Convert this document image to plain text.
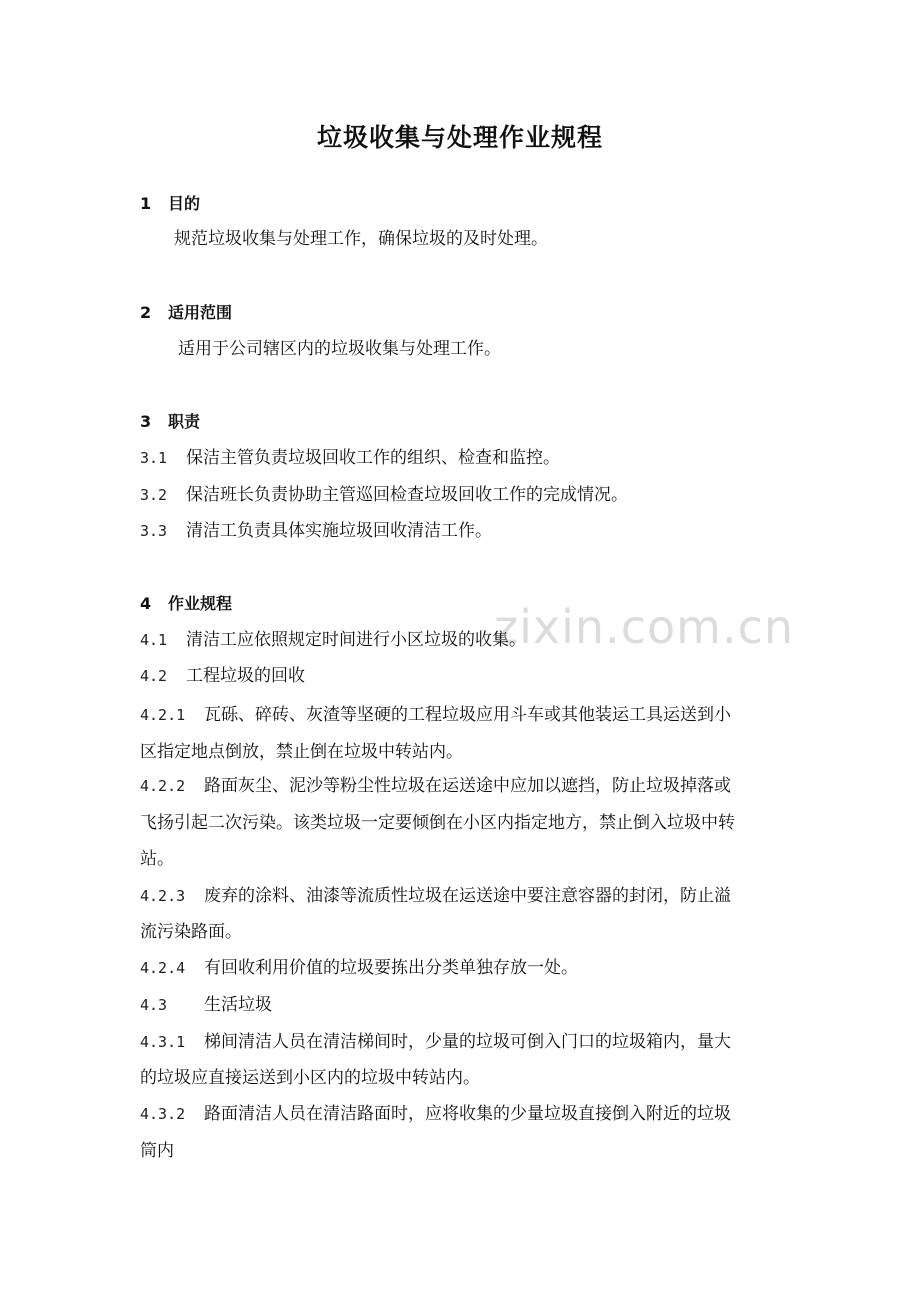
zixin.com.cn
垃圾收集与处理作业规程
1 目的
规范垃圾收集与处理工作，确保垃圾的及时处理。
2 适用范围
适用于公司辖区内的垃圾收集与处理工作。
3 职责
3.1 保洁主管负责垃圾回收工作的组织、检查和监控。
3.2 保洁班长负责协助主管巡回检查垃圾回收工作的完成情况。
3.3 清洁工负责具体实施垃圾回收清洁工作。
4 作业规程
4.1 清洁工应依照规定时间进行小区垃圾的收集。
4.2 工程垃圾的回收
4.2.1 瓦砾、碎砖、灰渣等坚硬的工程垃圾应用斗车或其他装运工具运送到小
区指定地点倒放，禁止倒在垃圾中转站内。
4.2.2 路面灰尘、泥沙等粉尘性垃圾在运送途中应加以遮挡，防止垃圾掉落或
飞扬引起二次污染。该类垃圾一定要倾倒在小区内指定地方，禁止倒入垃圾中转
站。
4.2.3 废弃的涂料、油漆等流质性垃圾在运送途中要注意容器的封闭，防止溢
流污染路面。
4.2.4 有回收利用价值的垃圾要拣出分类单独存放一处。
4.3 生活垃圾
4.3.1 梯间清洁人员在清洁梯间时，少量的垃圾可倒入门口的垃圾箱内，量大
的垃圾应直接运送到小区内的垃圾中转站内。
4.3.2 路面清洁人员在清洁路面时，应将收集的少量垃圾直接倒入附近的垃圾
筒内
